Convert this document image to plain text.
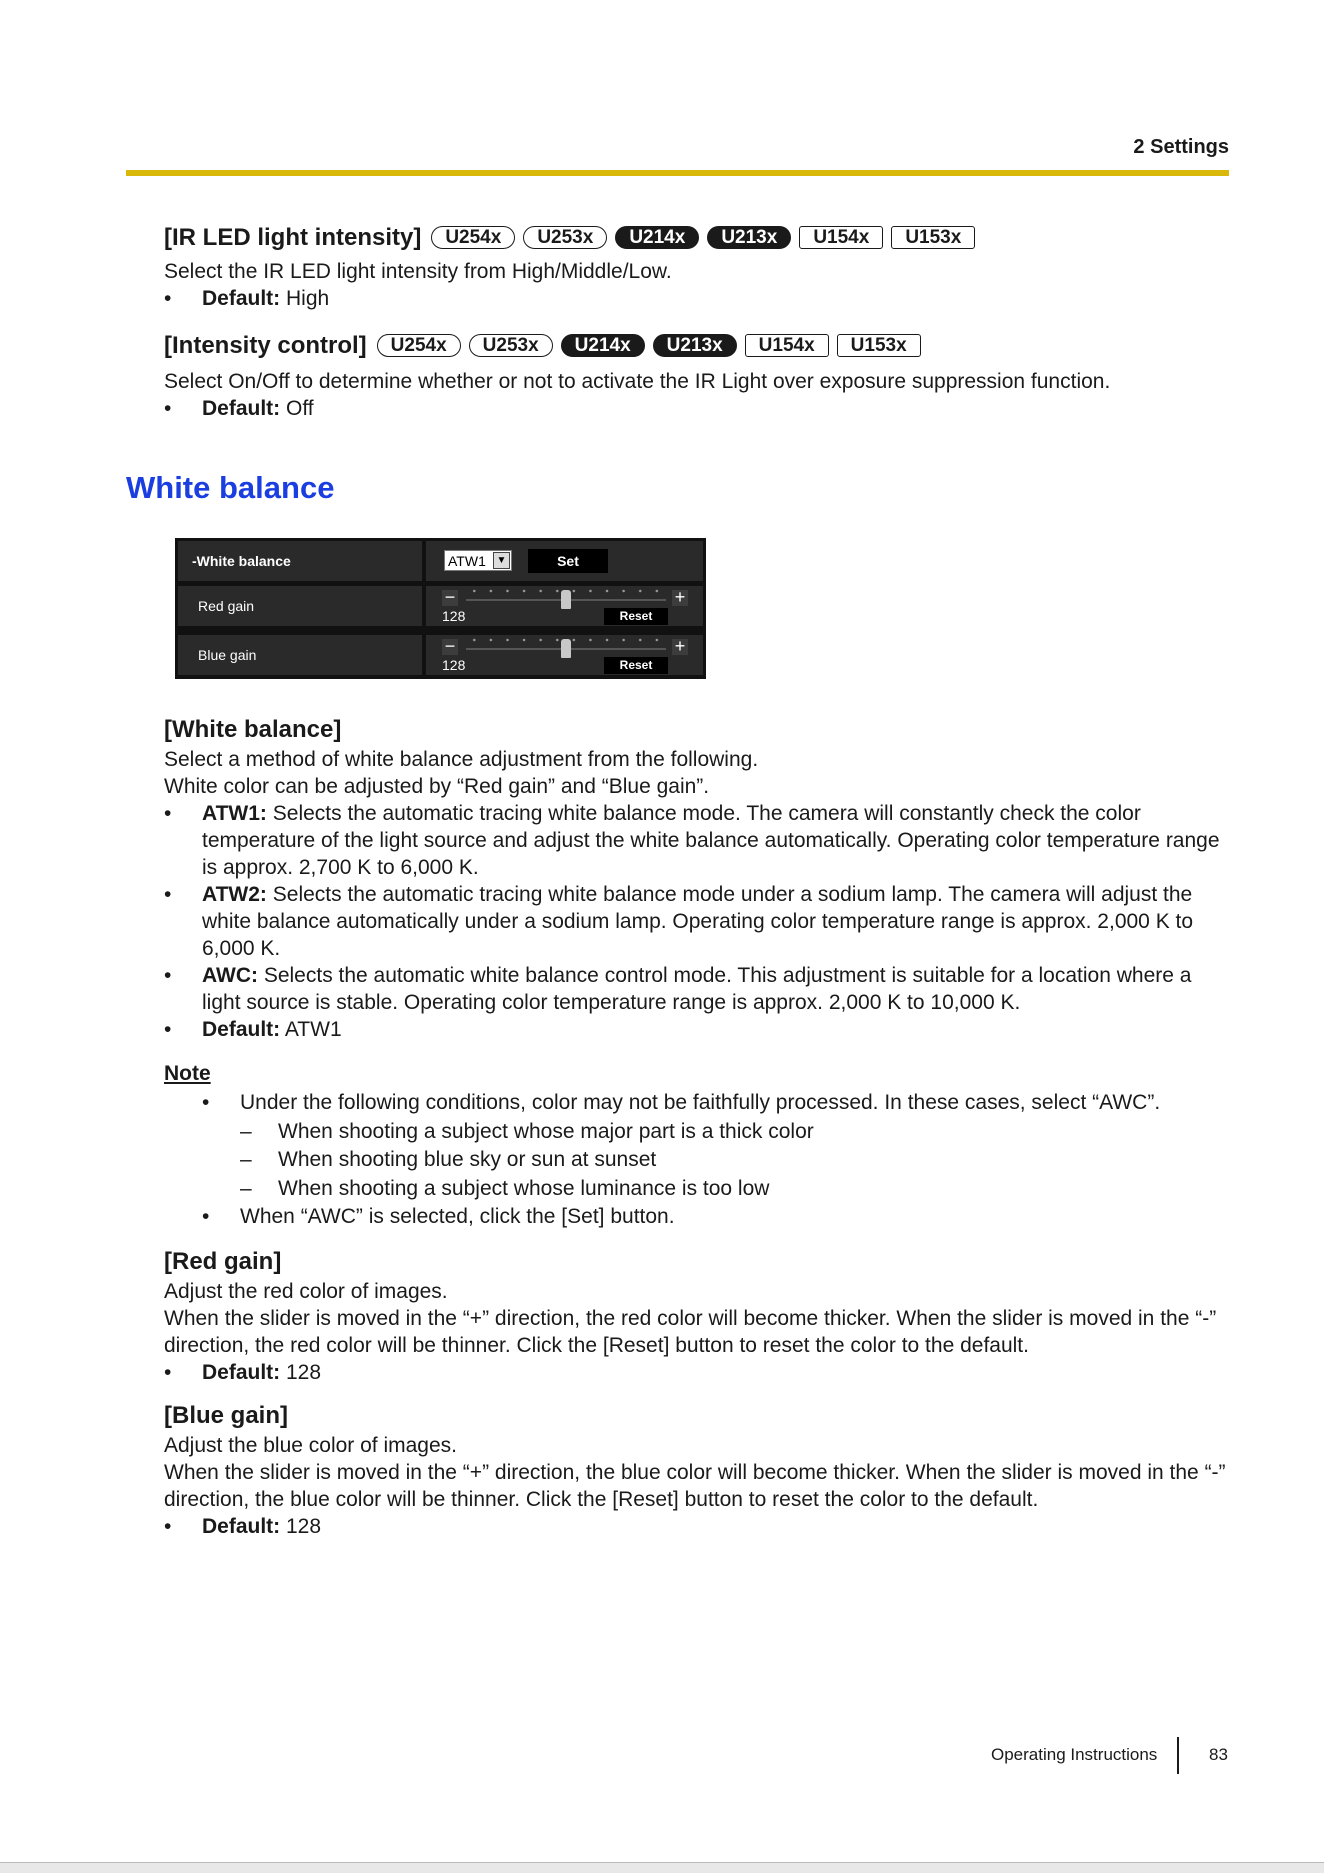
2 Settings
[IR LED light intensity]	U254x	U253x	U214x	U213x	U154x	U153x

Select the IR LED light intensity from High/Middle/Low.

• Default: High
[Intensity control]	U254x	U253x	U214x	U213x	U154x	U153x

Select On/Off to determine whether or not to activate the IR Light over exposure suppression function.

• Default: Off
White balance
-White balance	ATW1	▼	Set
Red gain	−	+
128	Reset
Blue gain	−	+
128	Reset
[White balance]

Select a method of white balance adjustment from the following.

White color can be adjusted by “Red gain” and “Blue gain”.

• ATW1: Selects the automatic tracing white balance mode. The camera will constantly check the color temperature of the light source and adjust the white balance automatically. Operating color temperature range is approx. 2,700 K to 6,000 K.
• ATW2: Selects the automatic tracing white balance mode under a sodium lamp. The camera will adjust the white balance automatically under a sodium lamp. Operating color temperature range is approx. 2,000 K to 6,000 K.
• AWC: Selects the automatic white balance control mode. This adjustment is suitable for a location where a light source is stable. Operating color temperature range is approx. 2,000 K to 10,000 K.
• Default: ATW1
Note
• Under the following conditions, color may not be faithfully processed. In these cases, select “AWC”.
– When shooting a subject whose major part is a thick color
– When shooting blue sky or sun at sunset
– When shooting a subject whose luminance is too low
• When “AWC” is selected, click the [Set] button.
[Red gain]

Adjust the red color of images.

When the slider is moved in the “+” direction, the red color will become thicker. When the slider is moved in the “-” direction, the red color will be thinner. Click the [Reset] button to reset the color to the default.

• Default: 128
[Blue gain]

Adjust the blue color of images.

When the slider is moved in the “+” direction, the blue color will become thicker. When the slider is moved in the “-” direction, the blue color will be thinner. Click the [Reset] button to reset the color to the default.

• Default: 128
Operating Instructions	83
